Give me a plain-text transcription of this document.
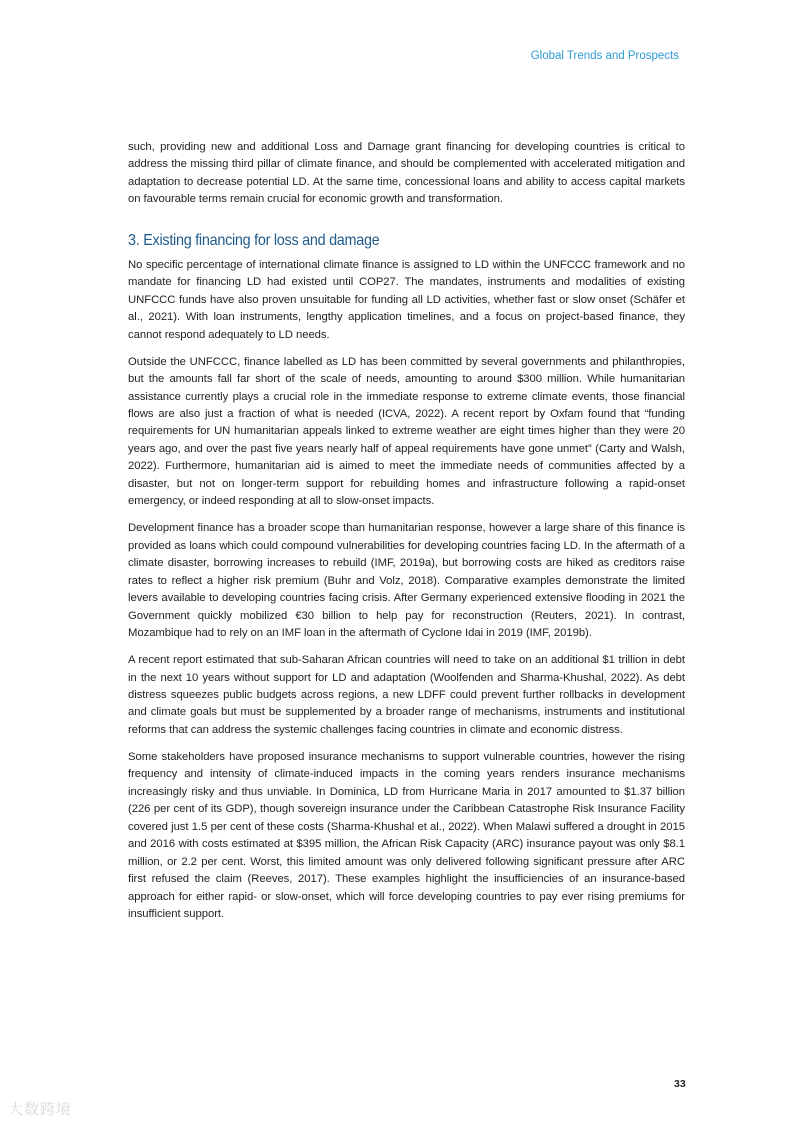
Global Trends and Prospects

such, providing new and additional Loss and Damage grant financing for developing countries is critical to address the missing third pillar of climate finance, and should be complemented with accelerated mitigation and adaptation to decrease potential LD. At the same time, concessional loans and ability to access capital markets on favourable terms remain crucial for economic growth and transformation.

3. Existing financing for loss and damage

No specific percentage of international climate finance is assigned to LD within the UNFCCC framework and no mandate for financing LD had existed until COP27. The mandates, instruments and modalities of existing UNFCCC funds have also proven unsuitable for funding all LD activities, whether fast or slow onset (Schäfer et al., 2021). With loan instruments, lengthy application timelines, and a focus on project-based finance, they cannot respond adequately to LD needs.

Outside the UNFCCC, finance labelled as LD has been committed by several governments and philanthropies, but the amounts fall far short of the scale of needs, amounting to around $300 million. While humanitarian assistance currently plays a crucial role in the immediate response to extreme climate events, those financial flows are also just a fraction of what is needed (ICVA, 2022). A recent report by Oxfam found that “funding requirements for UN humanitarian appeals linked to extreme weather are eight times higher than they were 20 years ago, and over the past five years nearly half of appeal requirements have gone unmet” (Carty and Walsh, 2022). Furthermore, humanitarian aid is aimed to meet the immediate needs of communities affected by a disaster, but not on longer-term support for rebuilding homes and infrastructure following a rapid-onset emergency, or indeed responding at all to slow-onset impacts.

Development finance has a broader scope than humanitarian response, however a large share of this finance is provided as loans which could compound vulnerabilities for developing countries facing LD. In the aftermath of a climate disaster, borrowing increases to rebuild (IMF, 2019a), but borrowing costs are hiked as creditors raise rates to reflect a higher risk premium (Buhr and Volz, 2018). Comparative examples demonstrate the limited levers available to developing countries facing crisis. After Germany experienced extensive flooding in 2021 the Government quickly mobilized €30 billion to help pay for reconstruction (Reuters, 2021). In contrast, Mozambique had to rely on an IMF loan in the aftermath of Cyclone Idai in 2019 (IMF, 2019b).

A recent report estimated that sub-Saharan African countries will need to take on an additional $1 trillion in debt in the next 10 years without support for LD and adaptation (Woolfenden and Sharma-Khushal, 2022). As debt distress squeezes public budgets across regions, a new LDFF could prevent further rollbacks in development and climate goals but must be supplemented by a broader range of mechanisms, instruments and institutional reforms that can address the systemic challenges facing countries in climate and economic distress.

Some stakeholders have proposed insurance mechanisms to support vulnerable countries, however the rising frequency and intensity of climate-induced impacts in the coming years renders insurance mechanisms increasingly risky and thus unviable. In Dominica, LD from Hurricane Maria in 2017 amounted to $1.37 billion (226 per cent of its GDP), though sovereign insurance under the Caribbean Catastrophe Risk Insurance Facility covered just 1.5 per cent of these costs (Sharma-Khushal et al., 2022). When Malawi suffered a drought in 2015 and 2016 with costs estimated at $395 million, the African Risk Capacity (ARC) insurance payout was only $8.1 million, or 2.2 per cent. Worst, this limited amount was only delivered following significant pressure after ARC first refused the claim (Reeves, 2017). These examples highlight the insufficiencies of an insurance-based approach for either rapid- or slow-onset, which will force developing countries to pay ever rising premiums for insufficient support.

33
大数跨境
